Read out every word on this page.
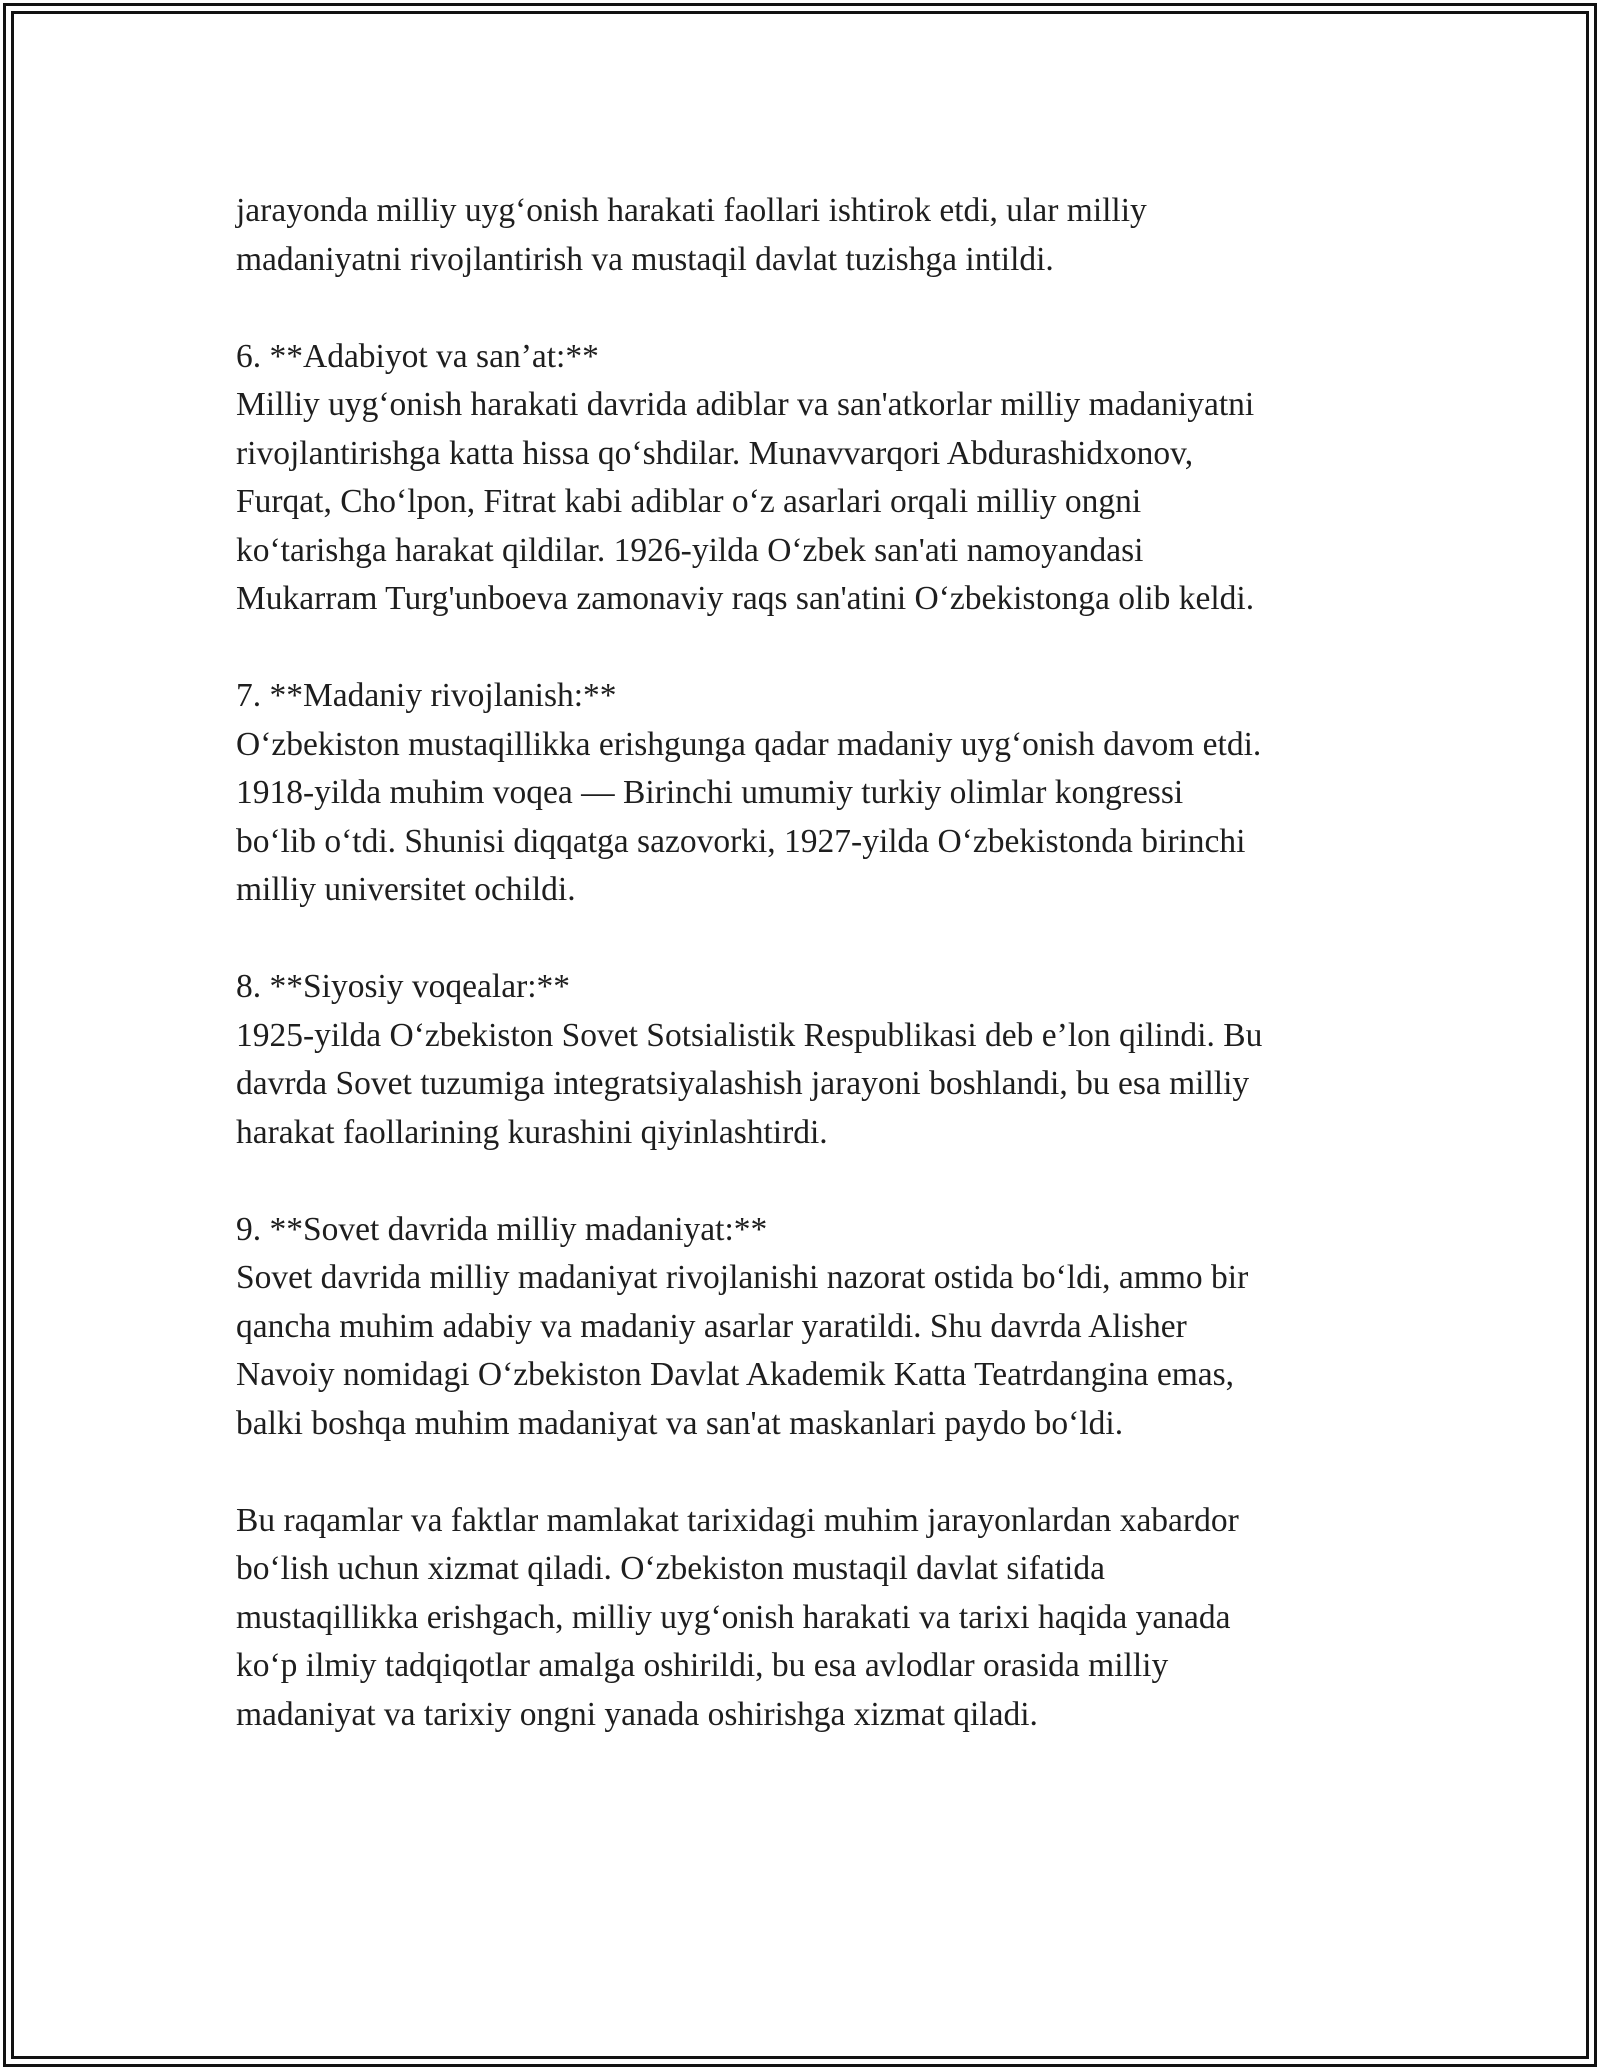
jarayonda milliy uyg‘onish harakati faollari ishtirok etdi, ular milliy
madaniyatni rivojlantirish va mustaqil davlat tuzishga intildi.
6. **Adabiyot va san’at:**
Milliy uyg‘onish harakati davrida adiblar va san'atkorlar milliy madaniyatni
rivojlantirishga katta hissa qo‘shdilar. Munavvarqori Abdurashidxonov,
Furqat, Cho‘lpon, Fitrat kabi adiblar o‘z asarlari orqali milliy ongni
ko‘tarishga harakat qildilar. 1926-yilda O‘zbek san'ati namoyandasi
Mukarram Turg'unboeva zamonaviy raqs san'atini O‘zbekistonga olib keldi.
7. **Madaniy rivojlanish:**
O‘zbekiston mustaqillikka erishgunga qadar madaniy uyg‘onish davom etdi.
1918-yilda muhim voqea — Birinchi umumiy turkiy olimlar kongressi
bo‘lib o‘tdi. Shunisi diqqatga sazovorki, 1927-yilda O‘zbekistonda birinchi
milliy universitet ochildi.
8. **Siyosiy voqealar:**
1925-yilda O‘zbekiston Sovet Sotsialistik Respublikasi deb e’lon qilindi. Bu
davrda Sovet tuzumiga integratsiyalashish jarayoni boshlandi, bu esa milliy
harakat faollarining kurashini qiyinlashtirdi.
9. **Sovet davrida milliy madaniyat:**
Sovet davrida milliy madaniyat rivojlanishi nazorat ostida bo‘ldi, ammo bir
qancha muhim adabiy va madaniy asarlar yaratildi. Shu davrda Alisher
Navoiy nomidagi O‘zbekiston Davlat Akademik Katta Teatrdangina emas,
balki boshqa muhim madaniyat va san'at maskanlari paydo bo‘ldi.
Bu raqamlar va faktlar mamlakat tarixidagi muhim jarayonlardan xabardor
bo‘lish uchun xizmat qiladi. O‘zbekiston mustaqil davlat sifatida
mustaqillikka erishgach, milliy uyg‘onish harakati va tarixi haqida yanada
ko‘p ilmiy tadqiqotlar amalga oshirildi, bu esa avlodlar orasida milliy
madaniyat va tarixiy ongni yanada oshirishga xizmat qiladi.
